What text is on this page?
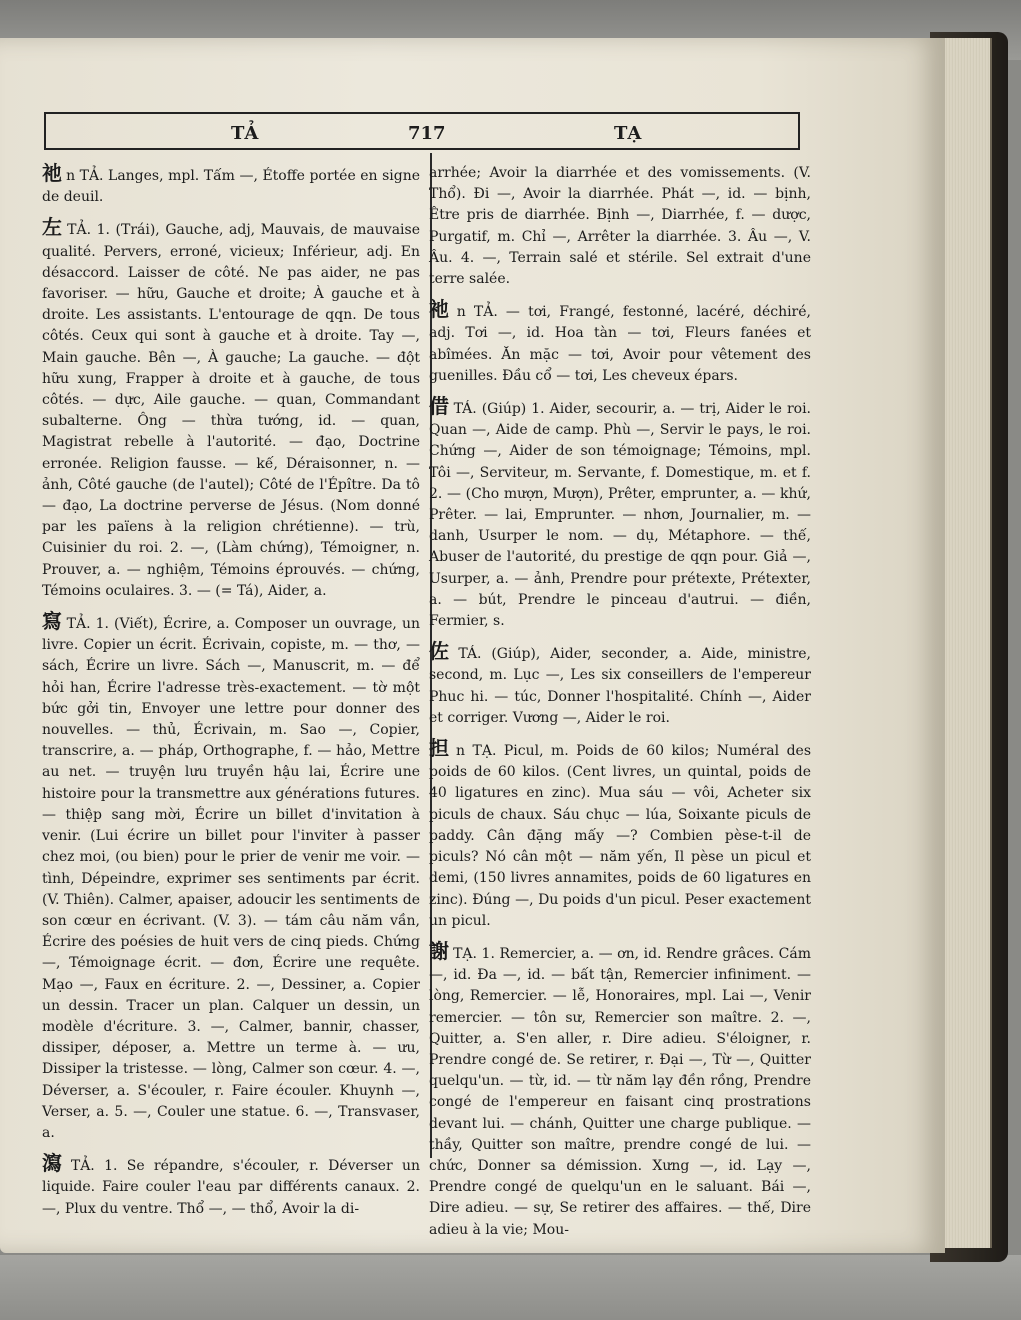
TẢ	717	TẠ

祂 n TẢ. Langes, mpl. Tấm —, Étoffe portée en signe de deuil.

左 TẢ. 1. (Trái), Gauche, adj, Mauvais, de mauvaise qualité. Pervers, erroné, vicieux; Inférieur, adj. En désaccord. Laisser de côté. Ne pas aider, ne pas favoriser. — hữu, Gauche et droite; À gauche et à droite. Les assistants. L'entourage de qqn. De tous côtés. Ceux qui sont à gauche et à droite. Tay —, Main gauche. Bên —, À gauche; La gauche. — đột hữu xung, Frapper à droite et à gauche, de tous côtés. — dực, Aile gauche. — quan, Commandant subalterne. Ông — thừa tướng, id. — quan, Magistrat rebelle à l'autorité. — đạo, Doctrine erronée. Religion fausse. — kế, Déraisonner, n. — ảnh, Côté gauche (de l'autel); Côté de l'Épître. Da tô — đạo, La doctrine perverse de Jésus. (Nom donné par les païens à la religion chrétienne). — trù, Cuisinier du roi. 2. —, (Làm chứng), Témoigner, n. Prouver, a. — nghiệm, Témoins éprouvés. — chứng, Témoins oculaires. 3. — (= Tá), Aider, a.

寫 TẢ. 1. (Viết), Écrire, a. Composer un ouvrage, un livre. Copier un écrit. Écrivain, copiste, m. — thơ, — sách, Écrire un livre. Sách —, Manuscrit, m. — để hỏi han, Écrire l'adresse très-exactement. — tờ một bức gởi tin, Envoyer une lettre pour donner des nouvelles. — thủ, Écrivain, m. Sao —, Copier, transcrire, a. — pháp, Orthographe, f. — hảo, Mettre au net. — truyện lưu truyền hậu lai, Écrire une histoire pour la transmettre aux générations futures. — thiệp sang mời, Écrire un billet d'invitation à venir. (Lui écrire un billet pour l'inviter à passer chez moi, (ou bien) pour le prier de venir me voir. — tình, Dépeindre, exprimer ses sentiments par écrit. (V. Thiên). Calmer, apaiser, adoucir les sentiments de son cœur en écrivant. (V. 3). — tám câu năm vần, Écrire des poésies de huit vers de cinq pieds. Chứng —, Témoignage écrit. — đơn, Écrire une requête. Mạo —, Faux en écriture. 2. —, Dessiner, a. Copier un dessin. Tracer un plan. Calquer un dessin, un modèle d'écriture. 3. —, Calmer, bannir, chasser, dissiper, déposer, a. Mettre un terme à. — ưu, Dissiper la tristesse. — lòng, Calmer son cœur. 4. —, Déverser, a. S'écouler, r. Faire écouler. Khuynh —, Verser, a. 5. —, Couler une statue. 6. —, Transvaser, a.

瀉 TẢ. 1. Se répandre, s'écouler, r. Déverser un liquide. Faire couler l'eau par différents canaux. 2. —, Plux du ventre. Thổ —, — thổ, Avoir la di-

arrhée; Avoir la diarrhée et des vomissements. (V. Thổ). Đi —, Avoir la diarrhée. Phát —, id. — bịnh, Être pris de diarrhée. Bịnh —, Diarrhée, f. — dược, Purgatif, m. Chỉ —, Arrêter la diarrhée. 3. Âu —, V. Âu. 4. —, Terrain salé et stérile. Sel extrait d'une terre salée.

祂 n TẢ. — tơi, Frangé, festonné, lacéré, déchiré, adj. Tơi —, id. Hoa tàn — tơi, Fleurs fanées et abîmées. Ăn mặc — tơi, Avoir pour vêtement des guenilles. Đầu cổ — tơi, Les cheveux épars.

借 TÁ. (Giúp) 1. Aider, secourir, a. — trị, Aider le roi. Quan —, Aide de camp. Phù —, Servir le pays, le roi. Chứng —, Aider de son témoignage; Témoins, mpl. Tôi —, Serviteur, m. Servante, f. Domestique, m. et f. 2. — (Cho mượn, Mượn), Prêter, emprunter, a. — khứ, Prêter. — lai, Emprunter. — nhơn, Journalier, m. — danh, Usurper le nom. — dụ, Métaphore. — thế, Abuser de l'autorité, du prestige de qqn pour. Giả —, Usurper, a. — ảnh, Prendre pour prétexte, Prétexter, a. — bút, Prendre le pinceau d'autrui. — điền, Fermier, s.

佐 TÁ. (Giúp), Aider, seconder, a. Aide, ministre, second, m. Lục —, Les six conseillers de l'empereur Phuc hi. — túc, Donner l'hospitalité. Chính —, Aider et corriger. Vương —, Aider le roi.

担 n TẠ. Picul, m. Poids de 60 kilos; Numéral des poids de 60 kilos. (Cent livres, un quintal, poids de 40 ligatures en zinc). Mua sáu — vôi, Acheter six piculs de chaux. Sáu chục — lúa, Soixante piculs de paddy. Cân đặng mấy —? Combien pèse-t-il de piculs? Nó cân một — năm yến, Il pèse un picul et demi, (150 livres annamites, poids de 60 ligatures en zinc). Đúng —, Du poids d'un picul. Peser exactement un picul.

謝 TẠ. 1. Remercier, a. — ơn, id. Rendre grâces. Cám —, id. Đa —, id. — bất tận, Remercier infiniment. — lòng, Remercier. — lễ, Honoraires, mpl. Lai —, Venir remercier. — tôn sư, Remercier son maître. 2. —, Quitter, a. S'en aller, r. Dire adieu. S'éloigner, r. Prendre congé de. Se retirer, r. Đại —, Từ —, Quitter quelqu'un. — từ, id. — từ năm lạy đền rồng, Prendre congé de l'empereur en faisant cinq prostrations devant lui. — chánh, Quitter une charge publique. — thầy, Quitter son maître, prendre congé de lui. — chức, Donner sa démission. Xưng —, id. Lạy —, Prendre congé de quelqu'un en le saluant. Bái —, Dire adieu. — sự, Se retirer des affaires. — thế, Dire adieu à la vie; Mou-
